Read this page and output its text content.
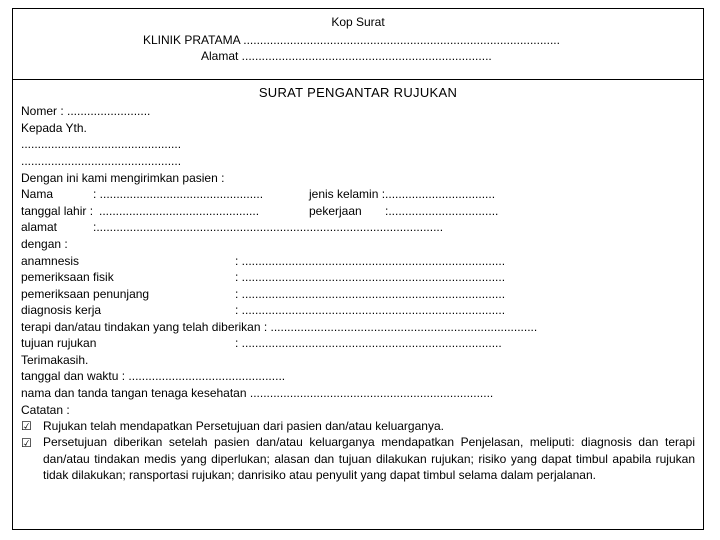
Kop Surat
KLINIK PRATAMA ...............................................................................................
Alamat ...........................................................................
SURAT PENGANTAR RUJUKAN
Nomer : .........................
Kepada Yth.
................................................
................................................
Dengan ini kami mengirimkan pasien :
Nama	: .................................................	jenis kelamin :.................................
tanggal lahir : ................................................	pekerjaan :.................................
alamat	:........................................................................................................
dengan :
anamnesis	: ...............................................................................
pemeriksaan fisik	: ...............................................................................
pemeriksaan penunjang	: ...............................................................................
diagnosis kerja	: ...............................................................................
terapi dan/atau tindakan yang telah diberikan : ................................................................................
tujuan rujukan	: ..............................................................................
Terimakasih.
tanggal dan waktu : ...............................................
nama dan tanda tangan tenaga kesehatan .........................................................................
Catatan :
☑ Rujukan telah mendapatkan Persetujuan dari pasien dan/atau keluarganya.
☑ Persetujuan diberikan setelah pasien dan/atau keluarganya mendapatkan Penjelasan, meliputi: diagnosis dan terapi dan/atau tindakan medis yang diperlukan; alasan dan tujuan dilakukan rujukan; risiko yang dapat timbul apabila rujukan tidak dilakukan; ransportasi rujukan; danrisiko atau penyulit yang dapat timbul selama dalam perjalanan.
